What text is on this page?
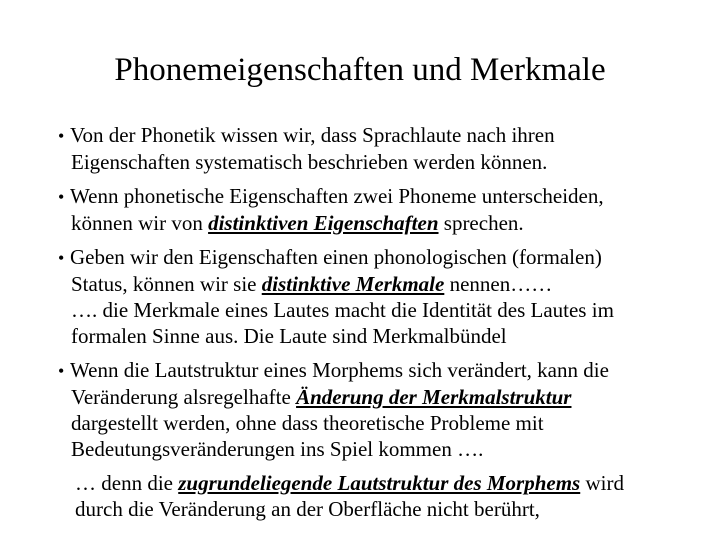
Phonemeigenschaften und Merkmale
• Von der Phonetik wissen wir, dass Sprachlaute nach ihren
Eigenschaften systematisch beschrieben werden können.
• Wenn phonetische Eigenschaften zwei Phoneme unterscheiden,
können wir von distinktiven Eigenschaften sprechen.
• Geben wir den Eigenschaften einen phonologischen (formalen)
Status, können wir sie distinktive Merkmale nennen……
…. die Merkmale eines Lautes macht die Identität des Lautes im
formalen Sinne aus. Die Laute sind Merkmalbündel
• Wenn die Lautstruktur eines Morphems sich verändert, kann die
Veränderung alsregelhafte Änderung der Merkmalstruktur
dargestellt werden, ohne dass theoretische Probleme mit
Bedeutungsveränderungen ins Spiel kommen ….
… denn die zugrundeliegende Lautstruktur des Morphems wird
durch die Veränderung an der Oberfläche nicht berührt,
